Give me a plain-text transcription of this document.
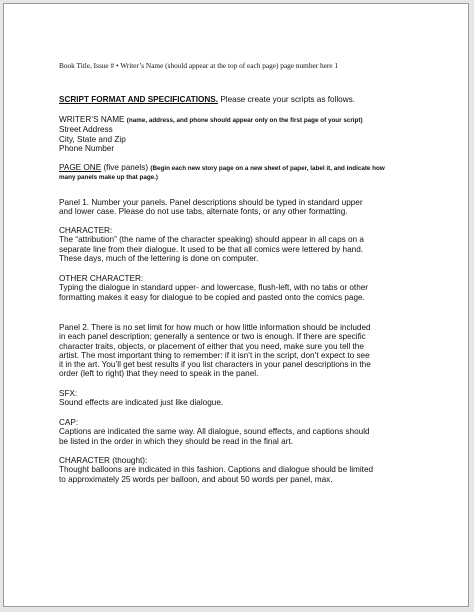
Book Title, Issue # • Writer’s Name (should appear at the top of each page) page number here 1
SCRIPT FORMAT AND SPECIFICATIONS. Please create your scripts as follows.

WRITER’S NAME (name, address, and phone should appear only on the first page of your script)

Street Address

City, State and Zip

Phone Number

PAGE ONE (five panels) (Begin each new story page on a new sheet of paper, label it, and indicate how

many panels make up that page.)

Panel 1. Number your panels. Panel descriptions should be typed in standard upper

and lower case. Please do not use tabs, alternate fonts, or any other formatting.

CHARACTER:

The “attribution” (the name of the character speaking) should appear in all caps on a

separate line from their dialogue. It used to be that all comics were lettered by hand.

These days, much of the lettering is done on computer.

OTHER CHARACTER:

Typing the dialogue in standard upper- and lowercase, flush-left, with no tabs or other

formatting makes it easy for dialogue to be copied and pasted onto the comics page.

Panel 2. There is no set limit for how much or how little information should be included

in each panel description; generally a sentence or two is enough. If there are specific

character traits, objects, or placement of either that you need, make sure you tell the

artist. The most important thing to remember: if it isn’t in the script, don’t expect to see

it in the art. You’ll get best results if you list characters in your panel descriptions in the

order (left to right) that they need to speak in the panel.

SFX:

Sound effects are indicated just like dialogue.

CAP:

Captions are indicated the same way. All dialogue, sound effects, and captions should

be listed in the order in which they should be read in the final art.

CHARACTER (thought):

Thought balloons are indicated in this fashion. Captions and dialogue should be limited

to approximately 25 words per balloon, and about 50 words per panel, max.
